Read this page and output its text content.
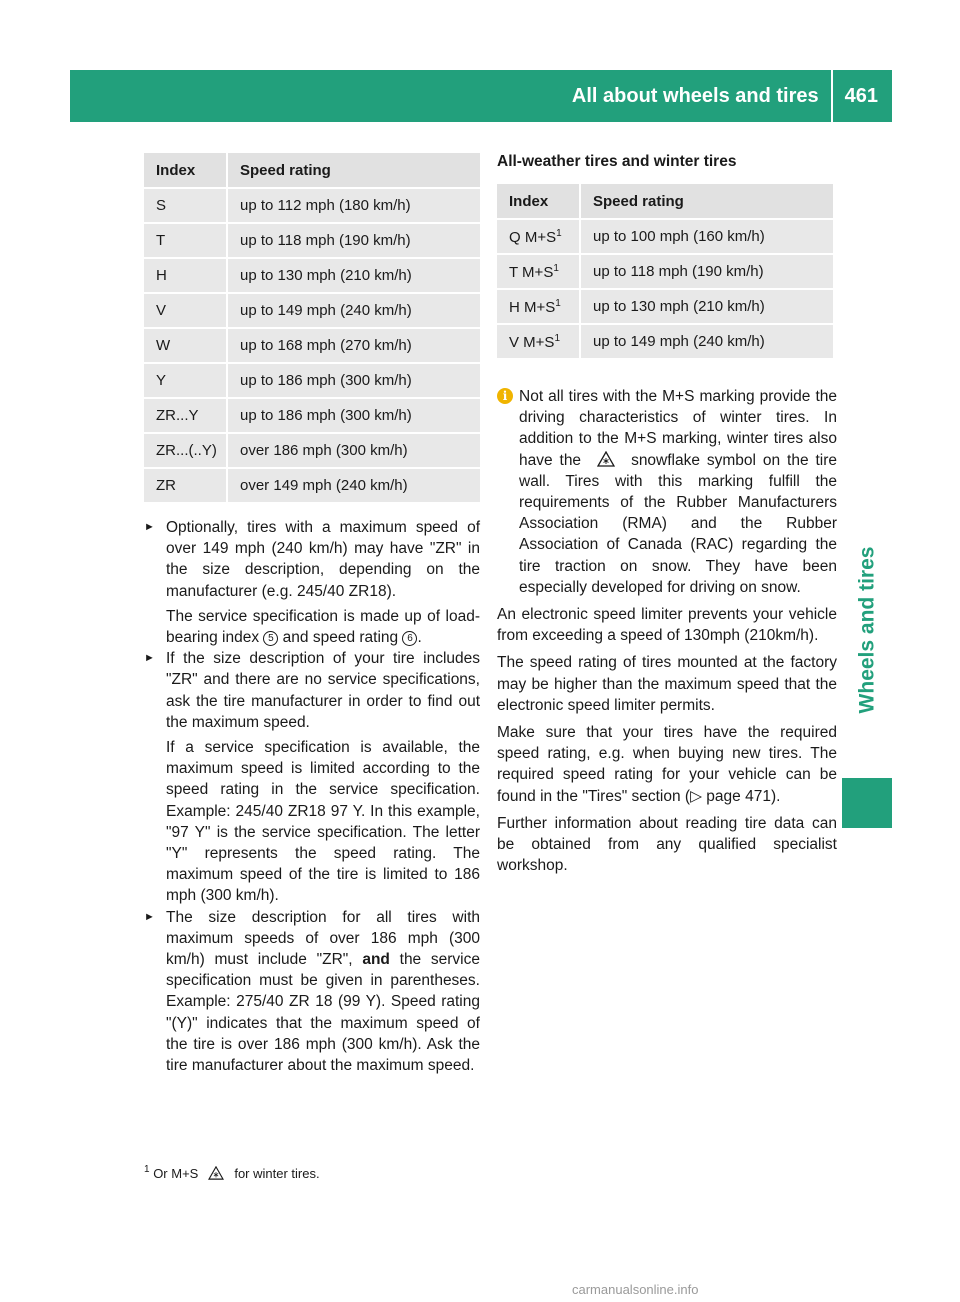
All about wheels and tires	461
Wheels and tires
Index	Speed rating
S	up to 112 mph (180 km/h)
T	up to 118 mph (190 km/h)
H	up to 130 mph (210 km/h)
V	up to 149 mph (240 km/h)
W	up to 168 mph (270 km/h)
Y	up to 186 mph (300 km/h)
ZR...Y	up to 186 mph (300 km/h)
ZR...(..Y)	over 186 mph (300 km/h)
ZR	over 149 mph (240 km/h)
► Optionally, tires with a maximum speed of over 149 mph (240 km/h) may have "ZR" in the size description, depending on the manufacturer (e.g. 245/40 ZR18).

The service specification is made up of load-bearing index 5 and speed rating 6 .

► If the size description of your tire includes "ZR" and there are no service specifications, ask the tire manufacturer in order to find out the maximum speed.

If a service specification is available, the maximum speed is limited according to the speed rating in the service specification. Example: 245/40 ZR18 97 Y. In this example, "97 Y" is the service specification. The letter "Y" represents the speed rating. The maximum speed of the tire is limited to 186 mph (300 km/h).

► The size description for all tires with maximum speeds of over 186 mph (300 km/h) must include "ZR", and the service specification must be given in parentheses. Example: 275/40 ZR 18 (99 Y). Speed rating "(Y)" indicates that the maximum speed of the tire is over 186 mph (300 km/h). Ask the tire manufacturer about the maximum speed.

All-weather tires and winter tires
Index	Speed rating
Q $M+S^1$	up to 100 mph (160 km/h)
T $M+S^1$	up to 118 mph (190 km/h)
H $M+S^1$	up to 130 mph (210 km/h)
V $M+S^1$	up to 149 mph (240 km/h)
i Not all tires with the M+S marking provide the driving characteristics of winter tires. In addition to the M+S marking, winter tires also have the	snowflake symbol on the tire wall. Tires with this marking fulfill the requirements of the Rubber Manufacturers Association (RMA) and the Rubber Association of Canada (RAC) regarding the tire traction on snow. They have been especially developed for driving on snow.

An electronic speed limiter prevents your vehicle from exceeding a speed of 130mph (210km/h).

The speed rating of tires mounted at the factory may be higher than the maximum speed that the electronic speed limiter permits.

Make sure that your tires have the required speed rating, e.g. when buying new tires. The required speed rating for your vehicle can be found in the "Tires" section (▷ page 471).

Further information about reading tire data can be obtained from any qualified specialist workshop.

$^1$ Or M+S	for winter tires.
carmanualsonline.info
